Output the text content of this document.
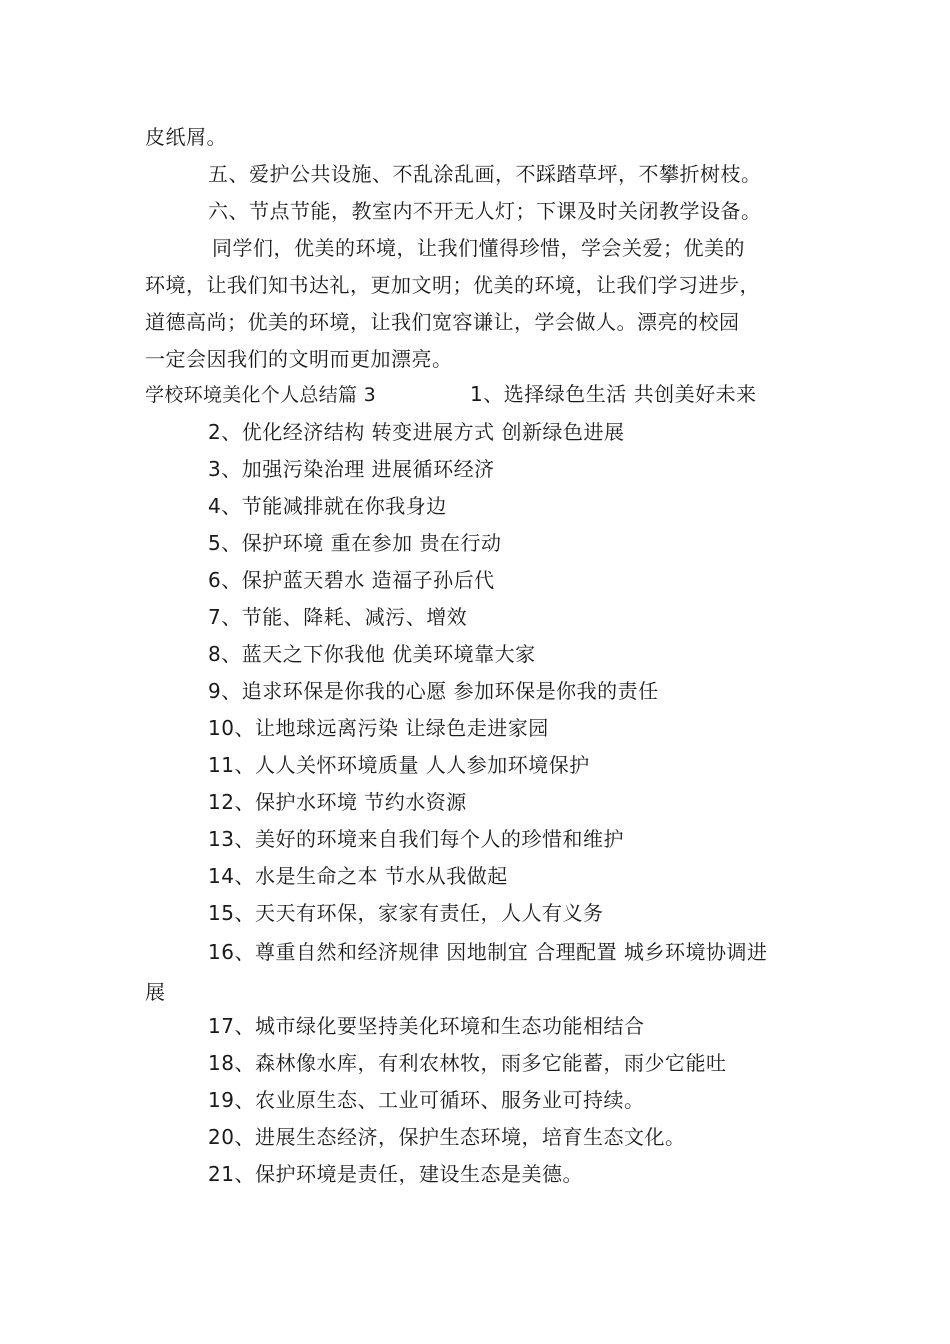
皮纸屑。
五、爱护公共设施、不乱涂乱画，不踩踏草坪，不攀折树枝。
六、节点节能，教室内不开无人灯；下课及时关闭教学设备。
同学们，优美的环境，让我们懂得珍惜，学会关爱；优美的
环境，让我们知书达礼，更加文明；优美的环境，让我们学习进步，
道德高尚；优美的环境，让我们宽容谦让，学会做人。漂亮的校园
一定会因我们的文明而更加漂亮。
学校环境美化个人总结篇 3	1、选择绿色生活 共创美好未来
2、优化经济结构 转变进展方式 创新绿色进展
3、加强污染治理 进展循环经济
4、节能减排就在你我身边
5、保护环境 重在参加 贵在行动
6、保护蓝天碧水 造福子孙后代
7、节能、降耗、减污、增效
8、蓝天之下你我他 优美环境靠大家
9、追求环保是你我的心愿 参加环保是你我的责任
10、让地球远离污染 让绿色走进家园
11、人人关怀环境质量 人人参加环境保护
12、保护水环境 节约水资源
13、美好的环境来自我们每个人的珍惜和维护
14、水是生命之本 节水从我做起
15、天天有环保，家家有责任，人人有义务
16、尊重自然和经济规律 因地制宜 合理配置 城乡环境协调进
展
17、城市绿化要坚持美化环境和生态功能相结合
18、森林像水库，有利农林牧，雨多它能蓄，雨少它能吐
19、农业原生态、工业可循环、服务业可持续。
20、进展生态经济，保护生态环境，培育生态文化。
21、保护环境是责任，建设生态是美德。
